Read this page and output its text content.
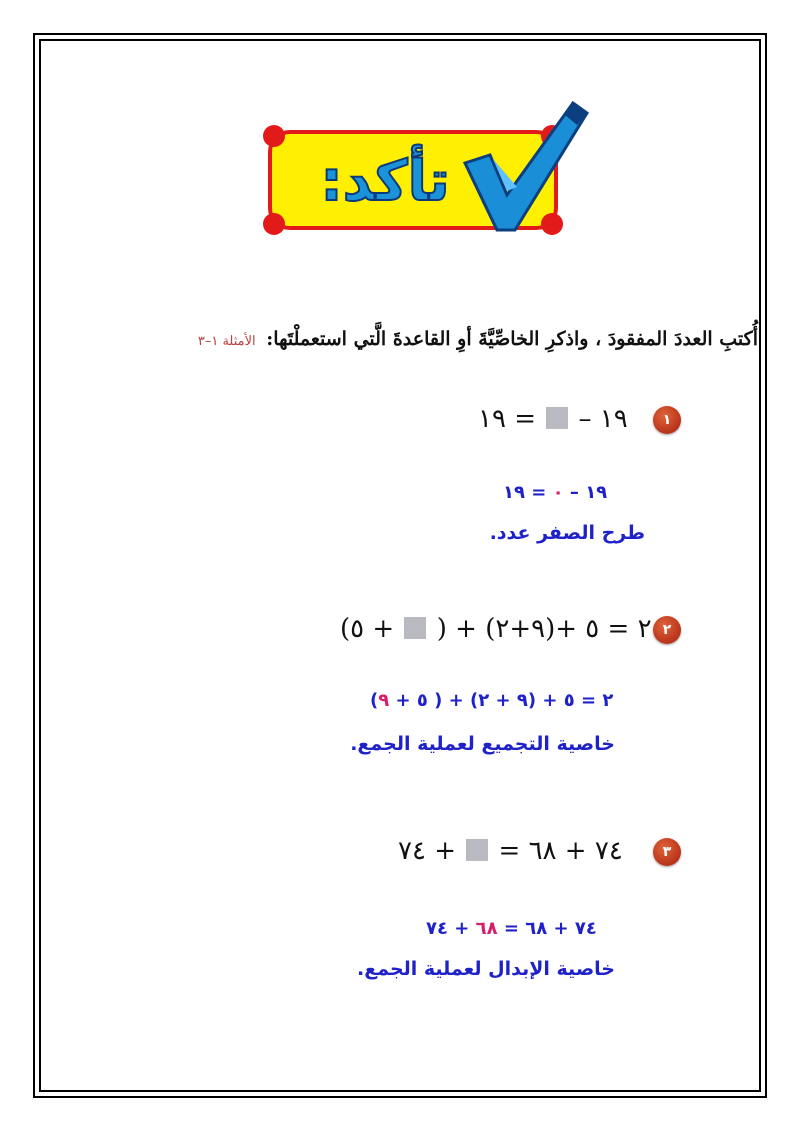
تأكد:
أُكتبِ العددَ المفقودَ ، واذكرِ الخاصِّيَّةَ أوِ القاعدةَ الَّتي استعملْتَها: الأمثلة ١–٣
١
١٩ –  = ١٩
١٩ – ٠ = ١٩
طرح الصفر عدد.
٢
(٥ + ) + ٢ = ٥ +(٩+٢)
(٥ + ٩ ) + ٢ = ٥ + (٩ + ٢)
خاصية التجميع لعملية الجمع.
٣
٧٤ + ٦٨ =  + ٧٤
٧٤ + ٦٨ = ٦٨ + ٧٤
خاصية الإبدال لعملية الجمع.
